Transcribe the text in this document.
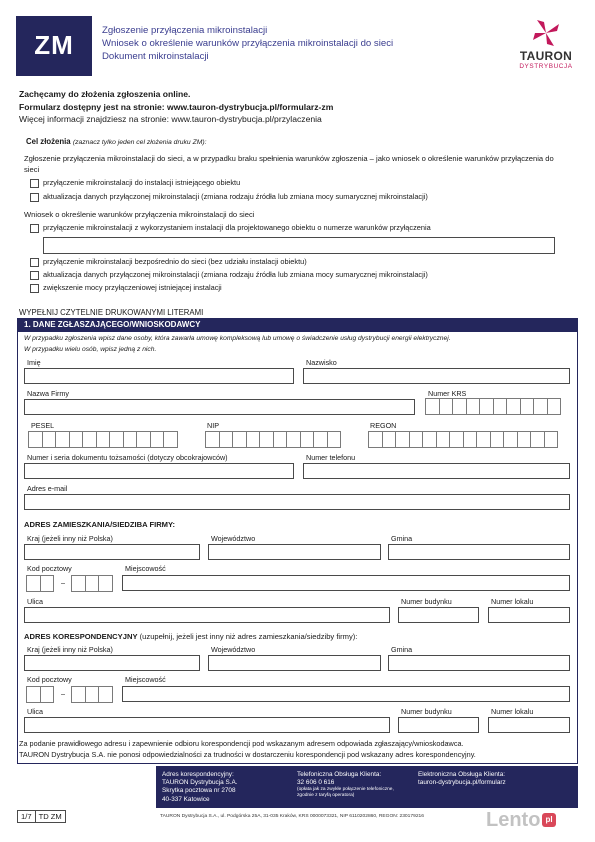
ZM	Zgłoszenie przyłączenia mikroinstalacji
Wniosek o określenie warunków przyłączenia mikroinstalacji do sieci
Dokument mikroinstalacji	TAURON
DYSTRYBUCJA
Zachęcamy do złożenia zgłoszenia online.
Formularz dostępny jest na stronie: www.tauron-dystrybucja.pl/formularz-zm
Więcej informacji znajdziesz na stronie: www.tauron-dystrybucja.pl/przylaczenia
Cel złożenia (zaznacz tylko jeden cel złożenia druku ZM):
Zgłoszenie przyłączenia mikroinstalacji do sieci, a w przypadku braku spełnienia warunków zgłoszenia – jako wniosek o określenie warunków przyłączenia do sieci
przyłączenie mikroinstalacji do instalacji istniejącego obiektu
aktualizacja danych przyłączonej mikroinstalacji (zmiana rodzaju źródła lub zmiana mocy sumarycznej mikroinstalacji)
Wniosek o określenie warunków przyłączenia mikroinstalacji do sieci
przyłączenie mikroinstalacji z wykorzystaniem instalacji dla projektowanego obiektu o numerze warunków przyłączenia
przyłączenie mikroinstalacji bezpośrednio do sieci (bez udziału instalacji obiektu)
aktualizacja danych przyłączonej mikroinstalacji (zmiana rodzaju źródła lub zmiana mocy sumarycznej mikroinstalacji)
zwiększenie mocy przyłączeniowej istniejącej instalacji
WYPEŁNIJ CZYTELNIE DRUKOWANYMI LITERAMI
1. DANE ZGŁASZAJĄCEGO/WNIOSKODAWCY
W przypadku zgłoszenia wpisz dane osoby, która zawarła umowę kompleksową lub umowę o świadczenie usług dystrybucji energii elektrycznej.
W przypadku wielu osób, wpisz jedną z nich.
Imię	Nazwisko
Nazwa Firmy	Numer KRS
PESEL	NIP	REGON
Numer i seria dokumentu tożsamości (dotyczy obcokrajowców)	Numer telefonu
Adres e-mail
ADRES ZAMIESZKANIA/SIEDZIBA FIRMY:
Kraj (jeżeli inny niż Polska)	Województwo	Gmina
Kod pocztowy	Miejscowość
–
Ulica	Numer budynku	Numer lokalu
ADRES KORESPONDENCYJNY (uzupełnij, jeżeli jest inny niż adres zamieszkania/siedziby firmy):
Kraj (jeżeli inny niż Polska)	Województwo	Gmina
Kod pocztowy	Miejscowość
–
Ulica	Numer budynku	Numer lokalu
Za podanie prawidłowego adresu i zapewnienie odbioru korespondencji pod wskazanym adresem odpowiada zgłaszający/wnioskodawca.
TAURON Dystrybucja S.A. nie ponosi odpowiedzialności za trudności w dostarczeniu korespondencji pod wskazany adres korespondencyjny.
Adres korespondencyjny:
TAURON Dystrybucja S.A.
Skrytka pocztowa nr 2708
40-337 Katowice
Telefoniczna Obsługa Klienta:
32 606 0 616
(opłata jak za zwykłe połączenie telefoniczne,
zgodnie z taryfą operatora)
Elektroniczna Obsługa Klienta:
tauron-dystrybucja.pl/formularz
1/7 TD ZM	TAURON Dystrybucja S.A., ul. Podgórska 25A, 31-035 Kraków, KRS 0000073321, NIP 6110202860, REGON: 230179216	Lento pl
